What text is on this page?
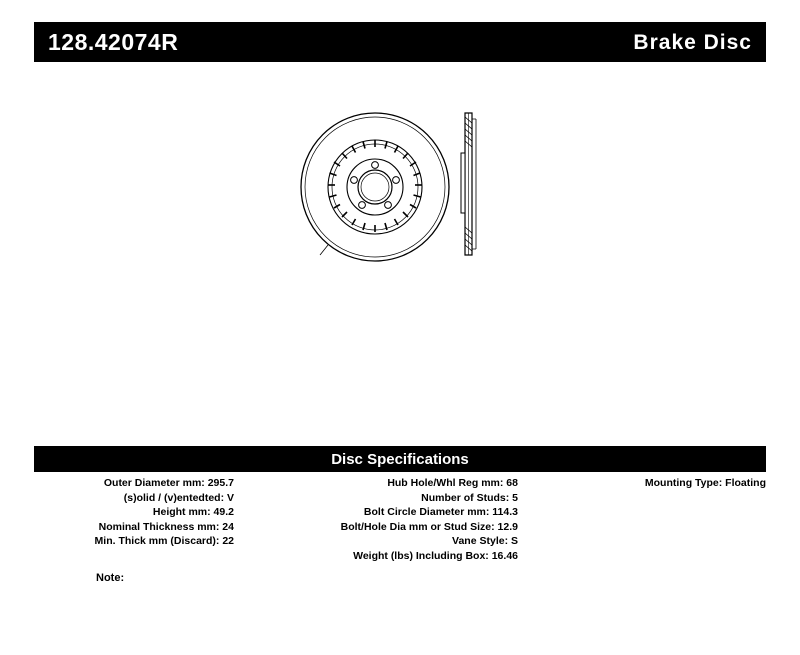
128.42074R	Brake Disc
Disc Specifications
Outer Diameter mm: 295.7
(s)olid / (v)entedted: V
Height mm: 49.2
Nominal Thickness mm: 24
Min. Thick mm (Discard): 22
Hub Hole/Whl Reg mm: 68
Number of Studs: 5
Bolt Circle Diameter mm: 114.3
Bolt/Hole Dia mm or Stud Size: 12.9
Vane Style: S
Weight (lbs) Including Box: 16.46
Mounting Type: Floating
Note:
